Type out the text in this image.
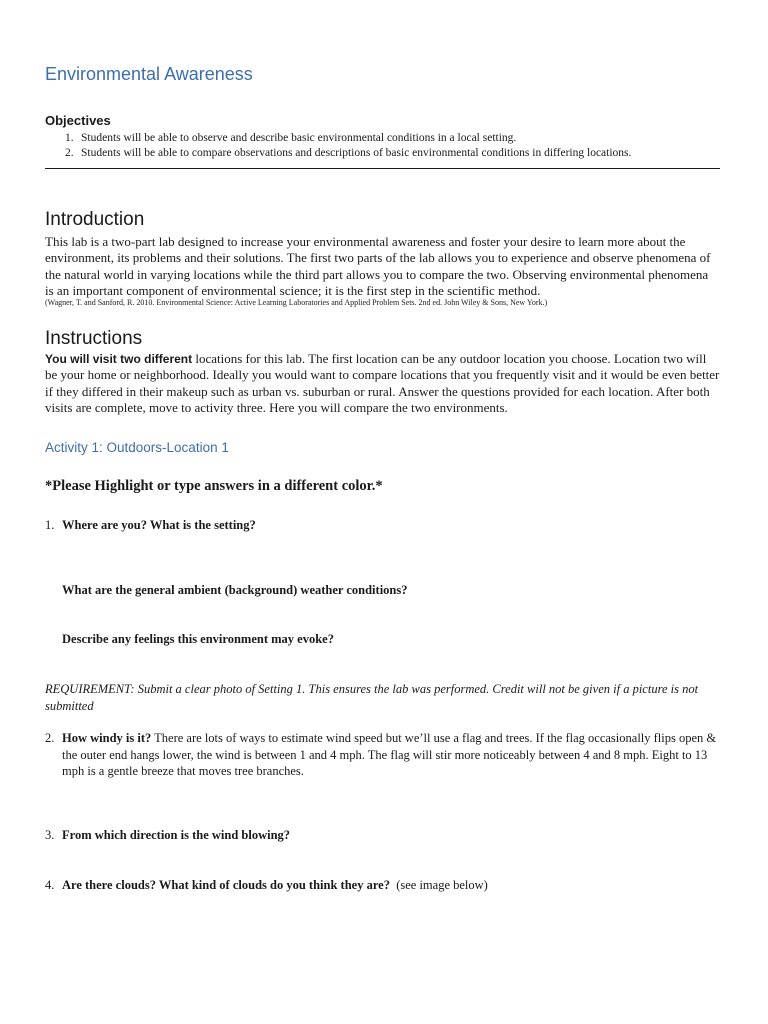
Environmental Awareness
Objectives
1. Students will be able to observe and describe basic environmental conditions in a local setting.
2. Students will be able to compare observations and descriptions of basic environmental conditions in differing locations.
Introduction

This lab is a two-part lab designed to increase your environmental awareness and foster your desire to learn more about the environment, its problems and their solutions. The first two parts of the lab allows you to experience and observe phenomena of the natural world in varying locations while the third part allows you to compare the two. Observing environmental phenomena is an important component of environmental science; it is the first step in the scientific method.

(Wagner, T. and Sanford, R. 2010. Environmental Science: Active Learning Laboratories and Applied Problem Sets. 2nd ed. John Wiley & Sons, New York.)
Instructions

You will visit two different locations for this lab. The first location can be any outdoor location you choose. Location two will be your home or neighborhood. Ideally you would want to compare locations that you frequently visit and it would be even better if they differed in their makeup such as urban vs. suburban or rural. Answer the questions provided for each location. After both visits are complete, move to activity three. Here you will compare the two environments.

Activity 1: Outdoors-Location 1
*Please Highlight or type answers in a different color.*
1. Where are you? What is the setting?
What are the general ambient (background) weather conditions?
Describe any feelings this environment may evoke?

REQUIREMENT: Submit a clear photo of Setting 1. This ensures the lab was performed. Credit will not be given if a picture is not submitted

2. How windy is it? There are lots of ways to estimate wind speed but we’ll use a flag and trees. If the flag occasionally flips open & the outer end hangs lower, the wind is between 1 and 4 mph. The flag will stir more noticeably between 4 and 8 mph. Eight to 13 mph is a gentle breeze that moves tree branches.
3. From which direction is the wind blowing?
4. Are there clouds? What kind of clouds do you think they are? (see image below)
